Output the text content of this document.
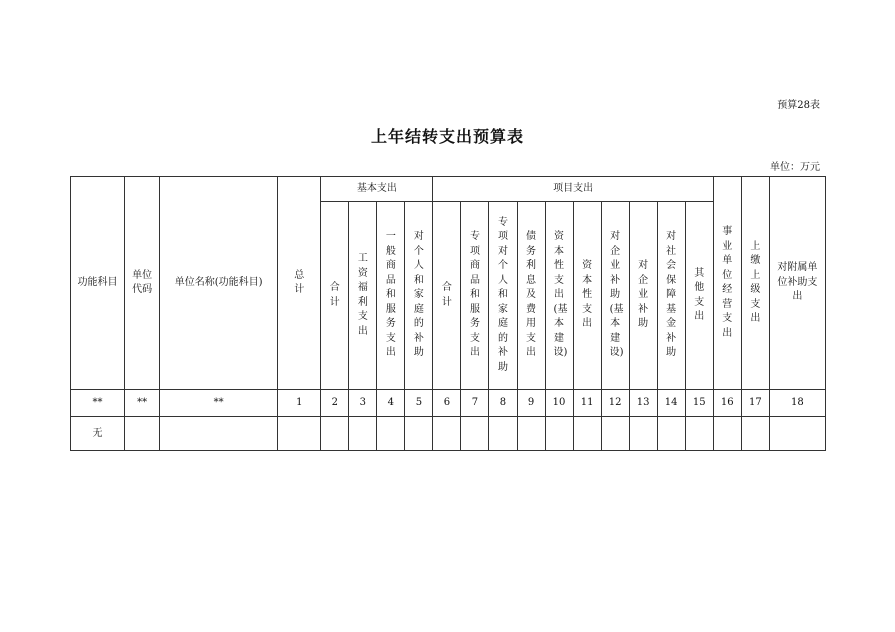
预算28表
上年结转支出预算表
单位：万元
功能科目	单位代码	单位名称(功能科目)	总计	基本支出				项目支出										事业单位经营支出	上缴上级支出	对附属单位补助支出
				合计	工资福利支出	一般商品和服务支出	对个人和家庭的补助	合计	专项商品和服务支出	专项对个人和家庭的补助	债务利息及费用支出	资本性支出(基本建设)	资本性支出	对企业补助(基本建设)	对企业补助	对社会保障基金补助	其他支出			
**	**	**	1	2	3	4	5	6	7	8	9	10	11	12	13	14	15	16	17	18
无																				
